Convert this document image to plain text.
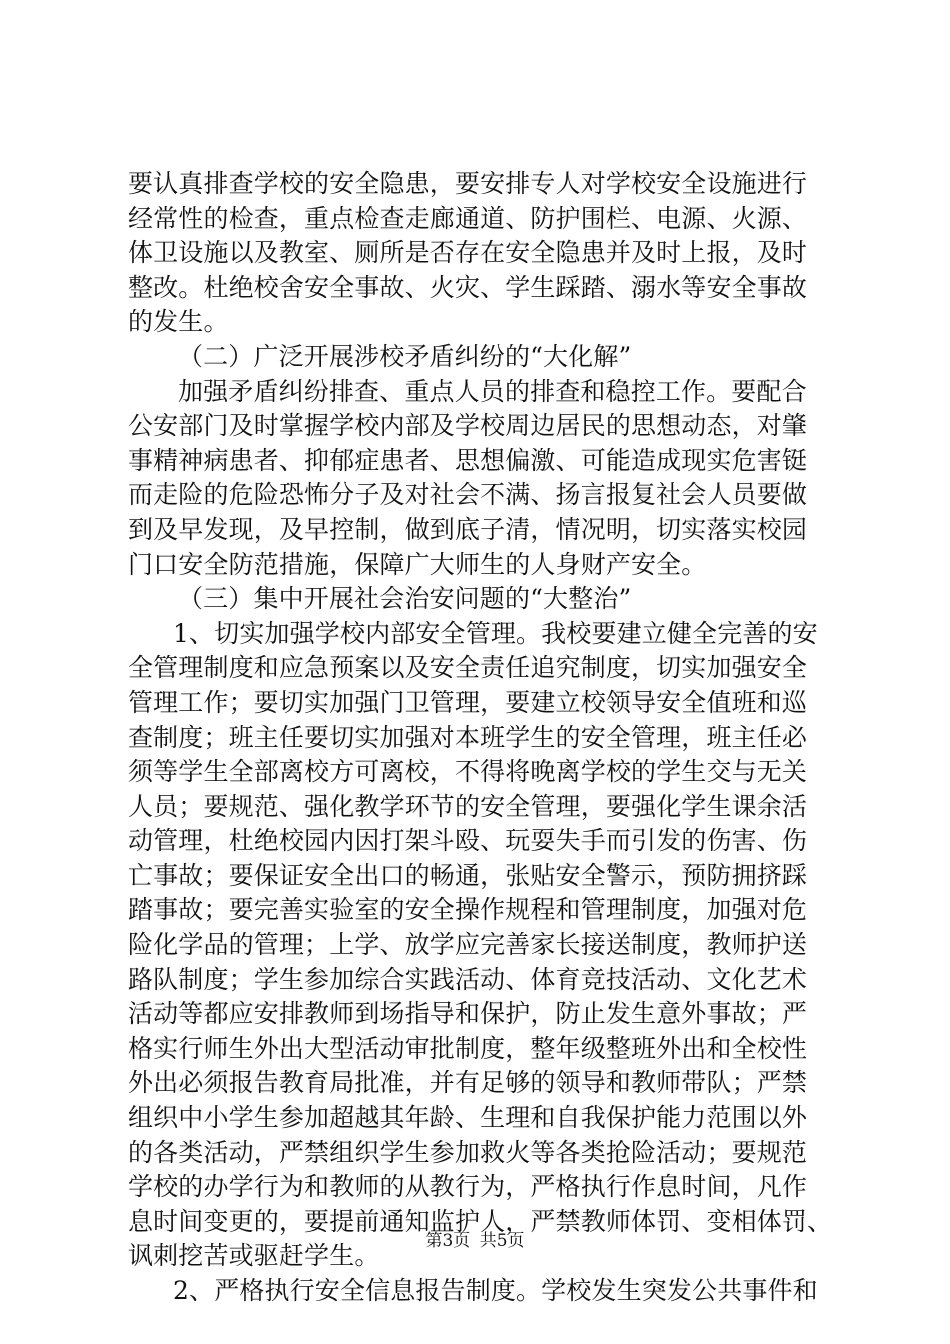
要认真排查学校的安全隐患，要安排专人对学校安全设施进行
经常性的检查，重点检查走廊通道、防护围栏、电源、火源、
体卫设施以及教室、厕所是否存在安全隐患并及时上报，及时
整改。杜绝校舍安全事故、火灾、学生踩踏、溺水等安全事故
的发生。
（二）广泛开展涉校矛盾纠纷的“大化解”
加强矛盾纠纷排查、重点人员的排查和稳控工作。要配合
公安部门及时掌握学校内部及学校周边居民的思想动态，对肇
事精神病患者、抑郁症患者、思想偏激、可能造成现实危害铤
而走险的危险恐怖分子及对社会不满、扬言报复社会人员要做
到及早发现，及早控制，做到底子清，情况明，切实落实校园
门口安全防范措施，保障广大师生的人身财产安全。
（三）集中开展社会治安问题的“大整治”
1、切实加强学校内部安全管理。我校要建立健全完善的安
全管理制度和应急预案以及安全责任追究制度，切实加强安全
管理工作；要切实加强门卫管理，要建立校领导安全值班和巡
查制度；班主任要切实加强对本班学生的安全管理，班主任必
须等学生全部离校方可离校，不得将晚离学校的学生交与无关
人员；要规范、强化教学环节的安全管理，要强化学生课余活
动管理，杜绝校园内因打架斗殴、玩耍失手而引发的伤害、伤
亡事故；要保证安全出口的畅通，张贴安全警示，预防拥挤踩
踏事故；要完善实验室的安全操作规程和管理制度，加强对危
险化学品的管理；上学、放学应完善家长接送制度，教师护送
路队制度；学生参加综合实践活动、体育竞技活动、文化艺术
活动等都应安排教师到场指导和保护，防止发生意外事故；严
格实行师生外出大型活动审批制度，整年级整班外出和全校性
外出必须报告教育局批准，并有足够的领导和教师带队；严禁
组织中小学生参加超越其年龄、生理和自我保护能力范围以外
的各类活动，严禁组织学生参加救火等各类抢险活动；要规范
学校的办学行为和教师的从教行为，严格执行作息时间，凡作
息时间变更的，要提前通知监护人，严禁教师体罚、变相体罚、
讽刺挖苦或驱赶学生。
2、严格执行安全信息报告制度。学校发生突发公共事件和
第3页 共5页
